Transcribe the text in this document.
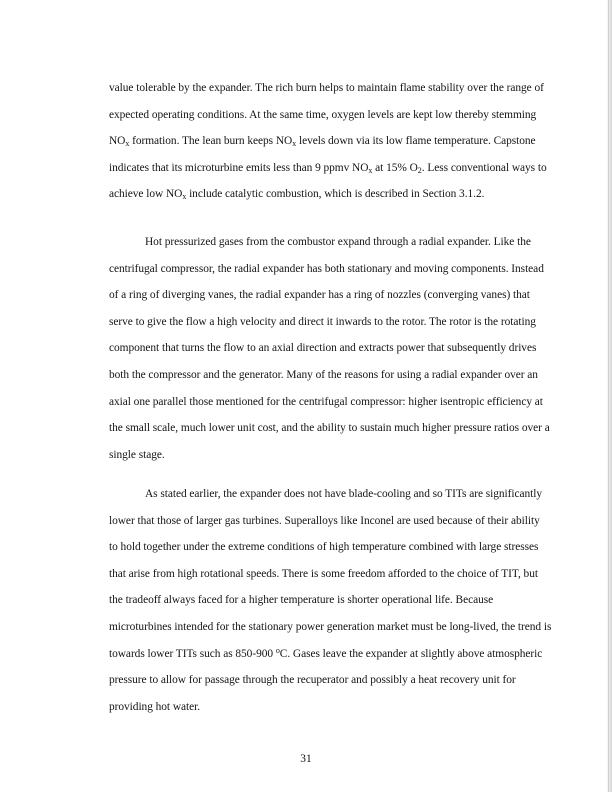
value tolerable by the expander. The rich burn helps to maintain flame stability over the range of
expected operating conditions. At the same time, oxygen levels are kept low thereby stemming
$NO_x$ formation. The lean burn keeps $NO_x$ levels down via its low flame temperature. Capstone
indicates that its microturbine emits less than 9 ppmv $NO_x$ at 15% $O_2$. Less conventional ways to
achieve low $NO_x$ include catalytic combustion, which is described in Section 3.1.2.
Hot pressurized gases from the combustor expand through a radial expander. Like the
centrifugal compressor, the radial expander has both stationary and moving components. Instead
of a ring of diverging vanes, the radial expander has a ring of nozzles (converging vanes) that
serve to give the flow a high velocity and direct it inwards to the rotor. The rotor is the rotating
component that turns the flow to an axial direction and extracts power that subsequently drives
both the compressor and the generator. Many of the reasons for using a radial expander over an
axial one parallel those mentioned for the centrifugal compressor: higher isentropic efficiency at
the small scale, much lower unit cost, and the ability to sustain much higher pressure ratios over a
single stage.
As stated earlier, the expander does not have blade-cooling and so TITs are significantly
lower that those of larger gas turbines. Superalloys like Inconel are used because of their ability
to hold together under the extreme conditions of high temperature combined with large stresses
that arise from high rotational speeds. There is some freedom afforded to the choice of TIT, but
the tradeoff always faced for a higher temperature is shorter operational life. Because
microturbines intended for the stationary power generation market must be long-lived, the trend is
towards lower TITs such as 850-900 $^o$C. Gases leave the expander at slightly above atmospheric
pressure to allow for passage through the recuperator and possibly a heat recovery unit for
providing hot water.

31
